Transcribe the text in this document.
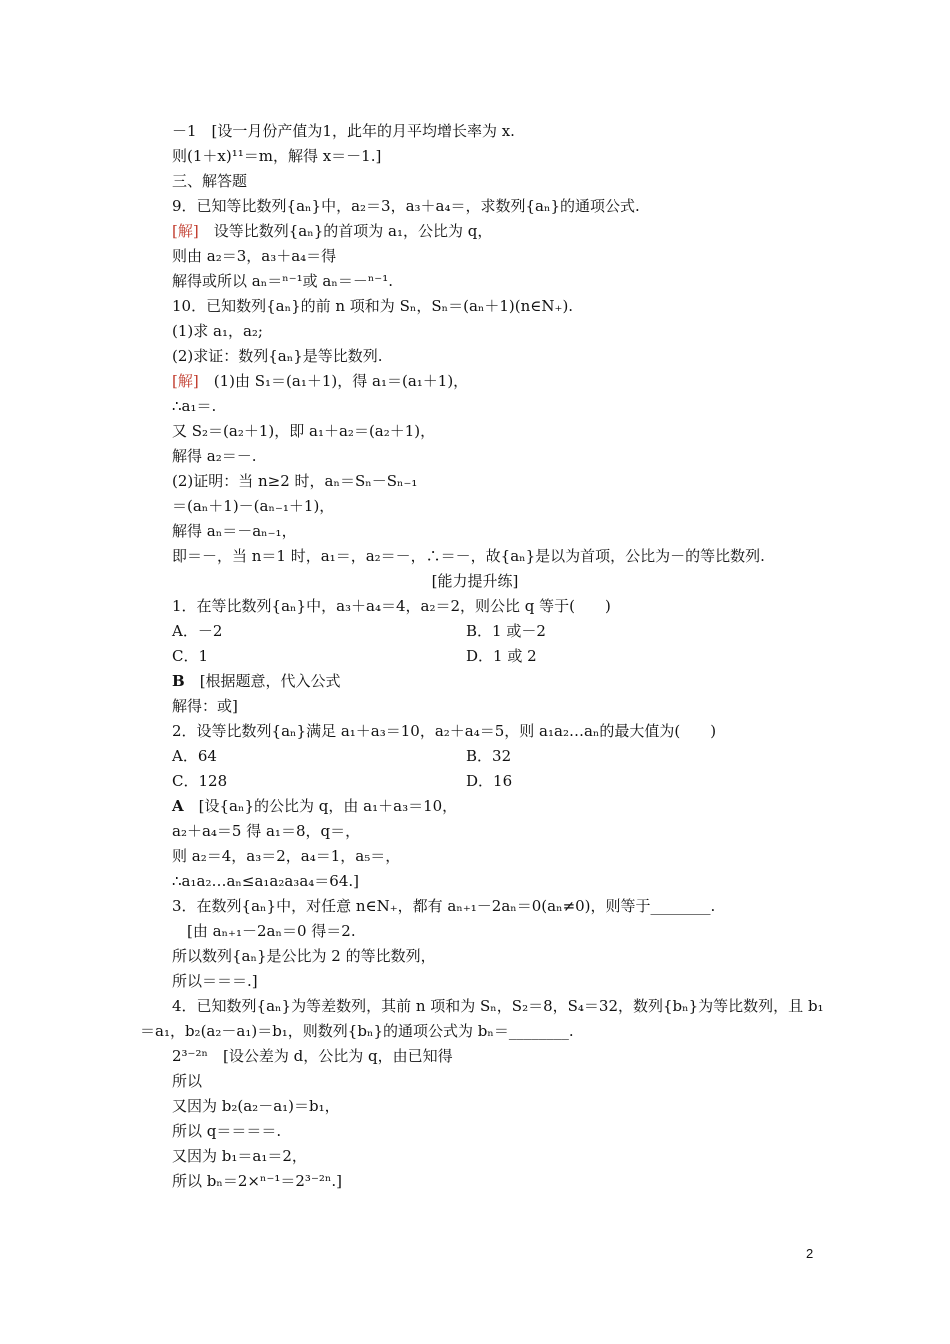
－1　[设一月份产值为1，此年的月平均增长率为 x.
则(1＋x)¹¹＝m，解得 x＝－1.]
三、解答题
9．已知等比数列{aₙ}中，a₂＝3，a₃＋a₄＝，求数列{aₙ}的通项公式.
[解]　 设等比数列{aₙ}的首项为 a₁，公比为 q，
则由 a₂＝3，a₃＋a₄＝得
解得或所以 aₙ＝ⁿ⁻¹或 aₙ＝－ⁿ⁻¹.
10．已知数列{aₙ}的前 n 项和为 Sₙ，Sₙ＝(aₙ＋1)(n∈N₊).
(1)求 a₁，a₂;
(2)求证：数列{aₙ}是等比数列.
[解]　 (1)由 S₁＝(a₁＋1)，得 a₁＝(a₁＋1)，
∴a₁＝.
又 S₂＝(a₂＋1)，即 a₁＋a₂＝(a₂＋1)，
解得 a₂＝－.
(2)证明：当 n≥2 时，aₙ＝Sₙ－Sₙ₋₁
＝(aₙ＋1)－(aₙ₋₁＋1)，
解得 aₙ＝－aₙ₋₁，
即＝－，当 n＝1 时，a₁＝，a₂＝－，∴＝－，故{aₙ}是以为首项，公比为－的等比数列.
[能力提升练]
1．在等比数列{aₙ}中，a₃＋a₄＝4，a₂＝2，则公比 q 等于(　　)
A．－2	B．1 或－2
C．1	D．1 或 2
B　 [根据题意，代入公式
解得：或]
2．设等比数列{aₙ}满足 a₁＋a₃＝10，a₂＋a₄＝5，则 a₁a₂…aₙ的最大值为(　　)
A．64	B．32
C．128	D．16
A　 [设{aₙ}的公比为 q，由 a₁＋a₃＝10，
a₂＋a₄＝5 得 a₁＝8，q＝，
则 a₂＝4，a₃＝2，a₄＝1，a₅＝，
∴a₁a₂…aₙ≤a₁a₂a₃a₄＝64.]
3．在数列{aₙ}中，对任意 n∈N₊，都有 aₙ₊₁－2aₙ＝0(aₙ≠0)，则等于________.
[由 aₙ₊₁－2aₙ＝0 得＝2.
所以数列{aₙ}是公比为 2 的等比数列，
所以＝＝＝.]
4．已知数列{aₙ}为等差数列，其前 n 项和为 Sₙ，S₂＝8，S₄＝32，数列{bₙ}为等比数列，且 b₁
＝a₁，b₂(a₂－a₁)＝b₁，则数列{bₙ}的通项公式为 bₙ＝________.
2³⁻²ⁿ　 [设公差为 d，公比为 q，由已知得
所以
又因为 b₂(a₂－a₁)＝b₁，
所以 q＝＝＝＝.
又因为 b₁＝a₁＝2，
所以 bₙ＝2×ⁿ⁻¹＝2³⁻²ⁿ.]
2
